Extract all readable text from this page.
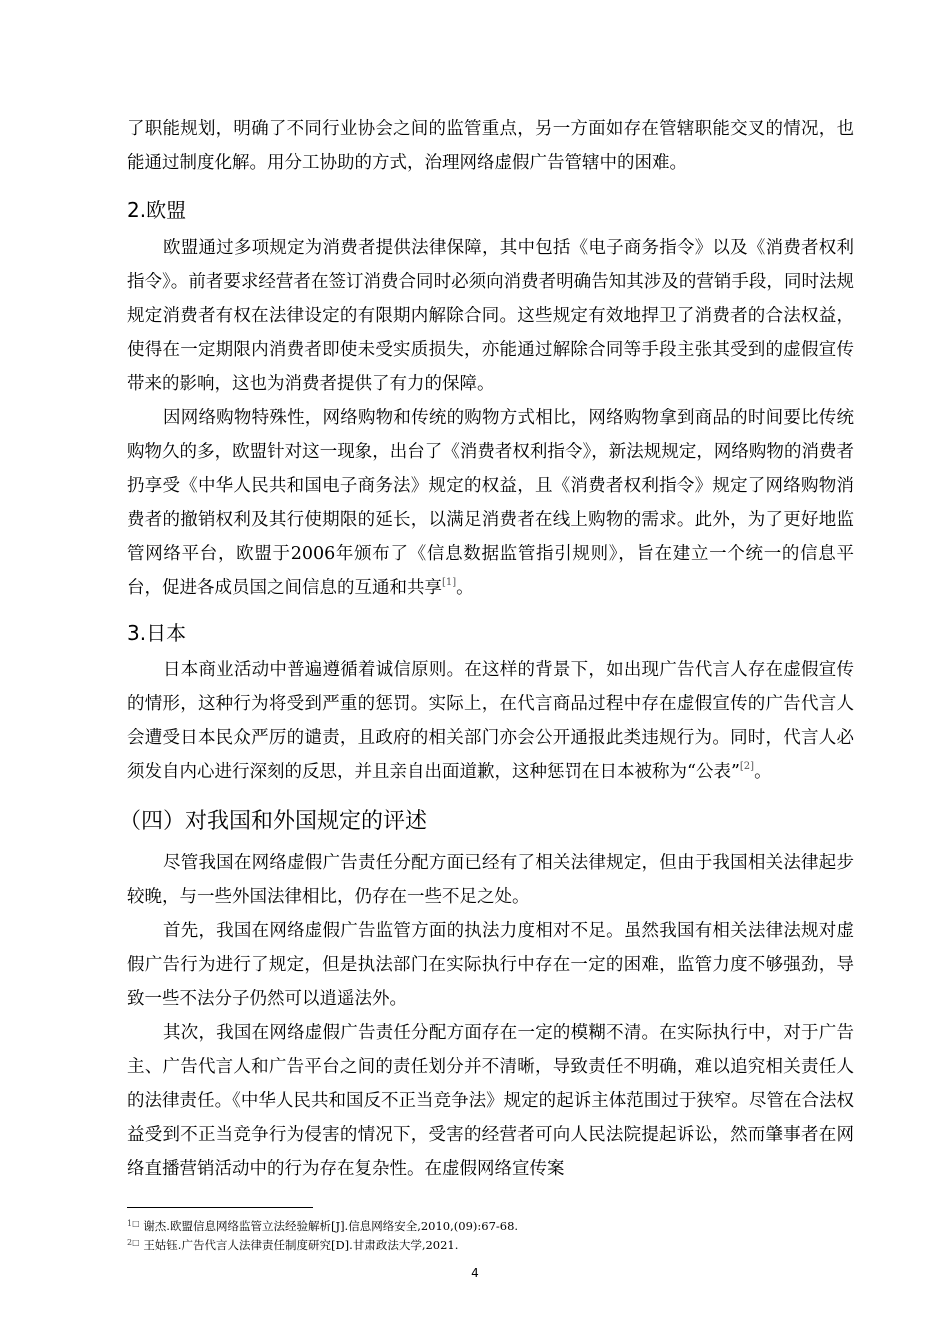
了职能规划，明确了不同行业协会之间的监管重点，另一方面如存在管辖职能交叉的情况，也能通过制度化解。用分工协助的方式，治理网络虚假广告管辖中的困难。

2.欧盟

欧盟通过多项规定为消费者提供法律保障，其中包括《电子商务指令》以及《消费者权利指令》。前者要求经营者在签订消费合同时必须向消费者明确告知其涉及的营销手段，同时法规规定消费者有权在法律设定的有限期内解除合同。这些规定有效地捍卫了消费者的合法权益，使得在一定期限内消费者即使未受实质损失，亦能通过解除合同等手段主张其受到的虚假宣传带来的影响，这也为消费者提供了有力的保障。

因网络购物特殊性，网络购物和传统的购物方式相比，网络购物拿到商品的时间要比传统购物久的多，欧盟针对这一现象，出台了《消费者权利指令》，新法规规定，网络购物的消费者扔享受《中华人民共和国电子商务法》规定的权益，且《消费者权利指令》规定了网络购物消费者的撤销权利及其行使期限的延长，以满足消费者在线上购物的需求。此外，为了更好地监管网络平台，欧盟于2006年颁布了《信息数据监管指引规则》，旨在建立一个统一的信息平台，促进各成员国之间信息的互通和共享[1]。

3.日本

日本商业活动中普遍遵循着诚信原则。在这样的背景下，如出现广告代言人存在虚假宣传的情形，这种行为将受到严重的惩罚。实际上，在代言商品过程中存在虚假宣传的广告代言人会遭受日本民众严厉的谴责，且政府的相关部门亦会公开通报此类违规行为。同时，代言人必须发自内心进行深刻的反思，并且亲自出面道歉，这种惩罚在日本被称为“公表”[2]。

（四）对我国和外国规定的评述

尽管我国在网络虚假广告责任分配方面已经有了相关法律规定，但由于我国相关法律起步较晚，与一些外国法律相比，仍存在一些不足之处。

首先，我国在网络虚假广告监管方面的执法力度相对不足。虽然我国有相关法律法规对虚假广告行为进行了规定，但是执法部门在实际执行中存在一定的困难，监管力度不够强劲，导致一些不法分子仍然可以逍遥法外。

其次，我国在网络虚假广告责任分配方面存在一定的模糊不清。在实际执行中，对于广告主、广告代言人和广告平台之间的责任划分并不清晰，导致责任不明确，难以追究相关责任人的法律责任。《中华人民共和国反不正当竞争法》规定的起诉主体范围过于狭窄。尽管在合法权益受到不正当竞争行为侵害的情况下，受害的经营者可向人民法院提起诉讼，然而肇事者在网络直播营销活动中的行为存在复杂性。在虚假网络宣传案

$^{1□}$ 谢杰.欧盟信息网络监管立法经验解析[J].信息网络安全,2010,(09):67-68.
$^{2□}$ 王姑钰.广告代言人法律责任制度研究[D].甘肃政法大学,2021.
4
